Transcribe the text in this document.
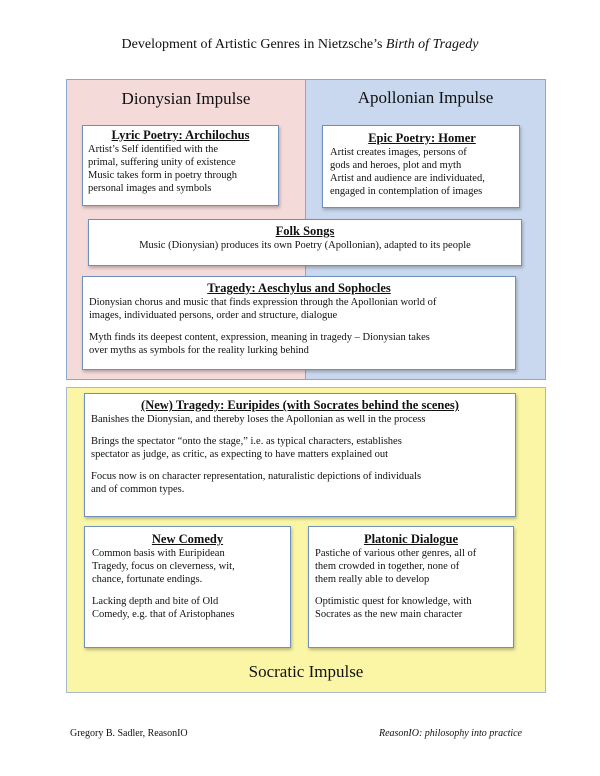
Development of Artistic Genres in Nietzsche’s Birth of Tragedy
Dionysian Impulse	Apollonian Impulse
Socratic Impulse
Lyric Poetry: Archilochus

Artist’s Self identified with the

primal, suffering unity of existence

Music takes form in poetry through

personal images and symbols

Epic Poetry: Homer

Artist creates images, persons of

gods and heroes, plot and myth

Artist and audience are individuated,

engaged in contemplation of images

Folk Songs

Music (Dionysian) produces its own Poetry (Apollonian), adapted to its people

Tragedy: Aeschylus and Sophocles

Dionysian chorus and music that finds expression through the Apollonian world of

images, individuated persons, order and structure, dialogue

Myth finds its deepest content, expression, meaning in tragedy – Dionysian takes

over myths as symbols for the reality lurking behind

(New) Tragedy: Euripides (with Socrates behind the scenes)

Banishes the Dionysian, and thereby loses the Apollonian as well in the process

Brings the spectator “onto the stage,” i.e. as typical characters, establishes

spectator as judge, as critic, as expecting to have matters explained out

Focus now is on character representation, naturalistic depictions of individuals

and of common types.

New Comedy

Common basis with Euripidean

Tragedy, focus on cleverness, wit,

chance, fortunate endings.

Lacking depth and bite of Old

Comedy, e.g. that of Aristophanes

Platonic Dialogue

Pastiche of various other genres, all of

them crowded in together, none of

them really able to develop

Optimistic quest for knowledge, with

Socrates as the new main character

Gregory B. Sadler, ReasonIO	ReasonIO: philosophy into practice
